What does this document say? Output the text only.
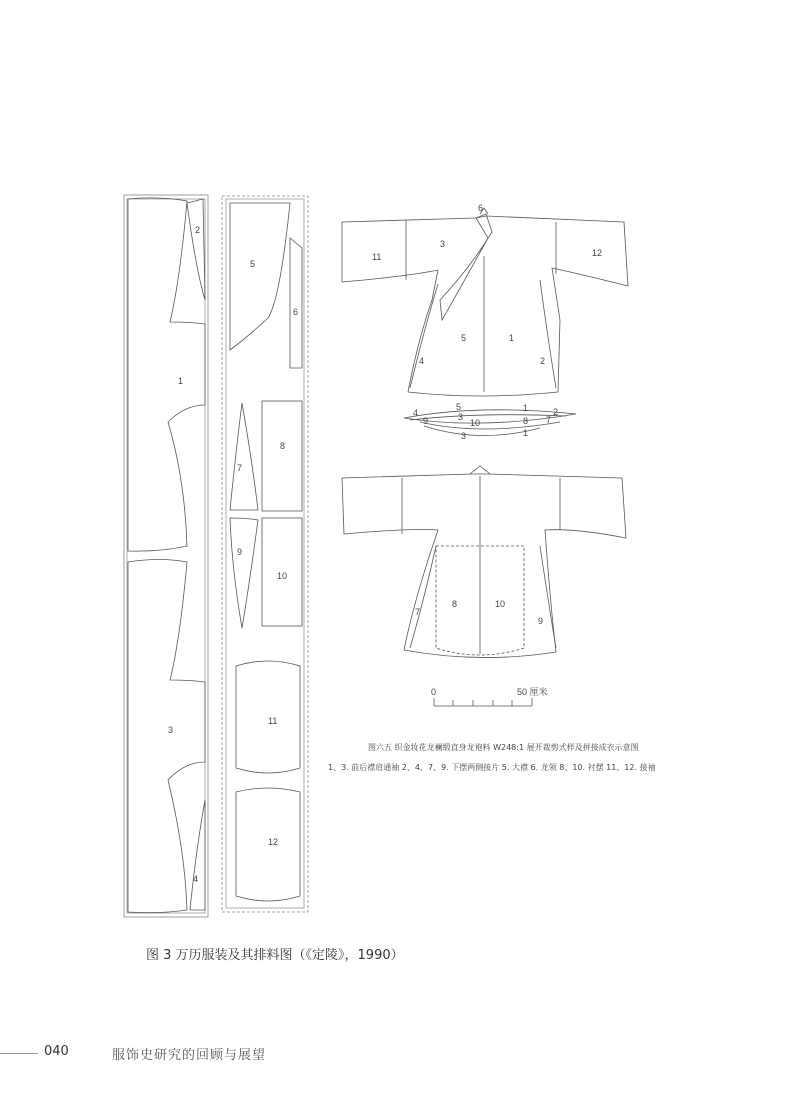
2
1
3
4
5
6
7
8
9
10
11
12
11
3
6
12
5	1
4	2
5	1	2
4
9	3
10	8 7
3	1
8	10
7
9
0	50 厘米
图六五 织金妆花龙襕缎直身龙袍料 W248:1 展开裁剪式样及拼接成衣示意图
1、3. 前后襟肩通袖 2、4、7、9. 下摆两侧接片 5. 大襟 6. 龙领 8、10. 衬摆 11、12. 接袖
图 3 万历服装及其排料图（《定陵》，1990）
040	服饰史研究的回顾与展望
